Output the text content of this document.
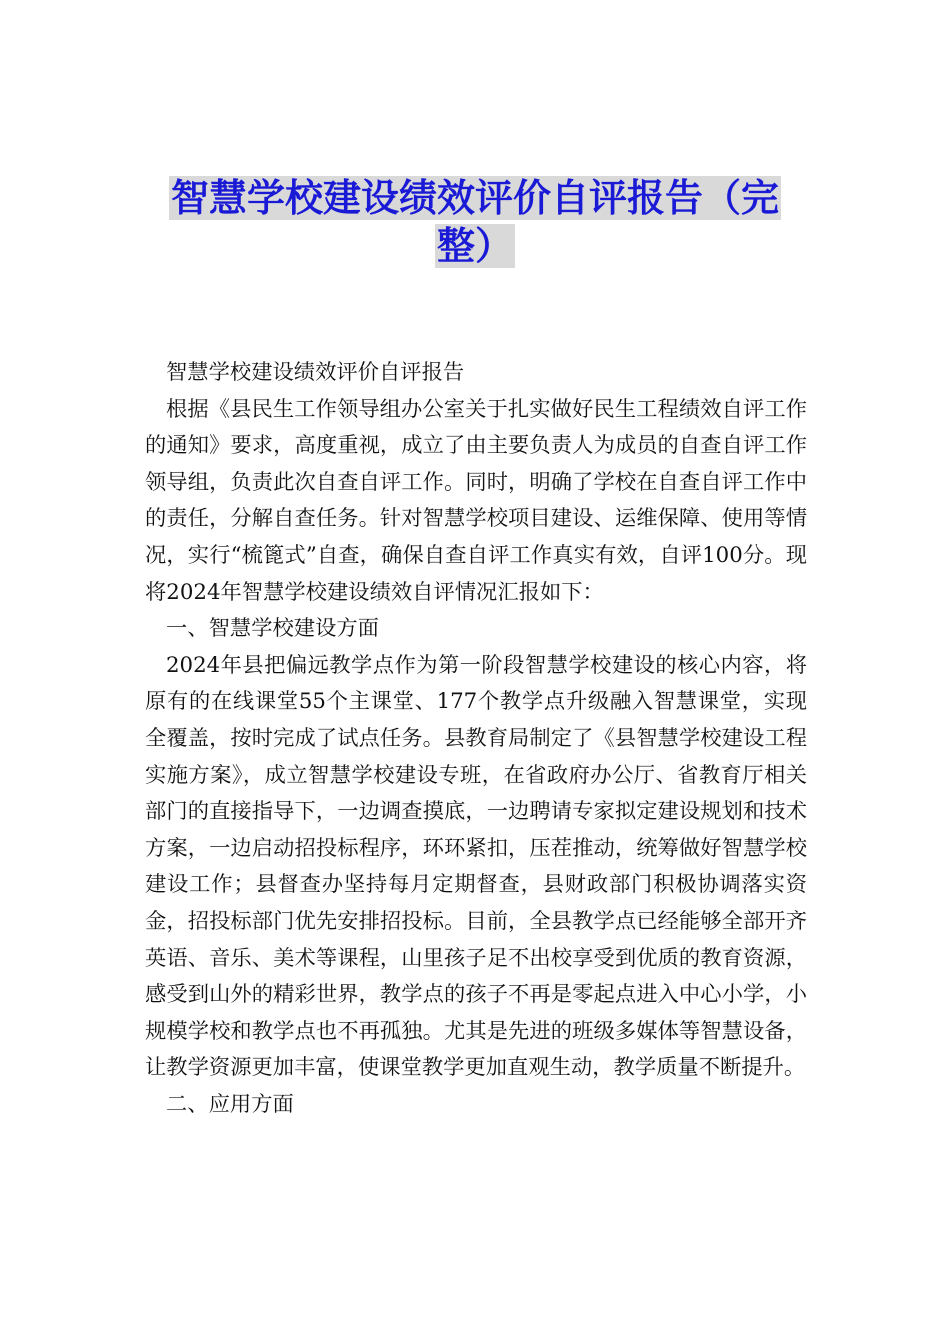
智慧学校建设绩效评价自评报告（完
整）

智慧学校建设绩效评价自评报告

根据《县民生工作领导组办公室关于扎实做好民生工程绩效自评工作的通知》要求，高度重视，成立了由主要负责人为成员的自查自评工作领导组，负责此次自查自评工作。同时，明确了学校在自查自评工作中的责任，分解自查任务。针对智慧学校项目建设、运维保障、使用等情况，实行“梳篦式”自查，确保自查自评工作真实有效，自评100分。现将2024年智慧学校建设绩效自评情况汇报如下：

一、智慧学校建设方面

2024年县把偏远教学点作为第一阶段智慧学校建设的核心内容，将原有的在线课堂55个主课堂、177个教学点升级融入智慧课堂，实现全覆盖，按时完成了试点任务。县教育局制定了《县智慧学校建设工程实施方案》，成立智慧学校建设专班，在省政府办公厅、省教育厅相关部门的直接指导下，一边调查摸底，一边聘请专家拟定建设规划和技术方案，一边启动招投标程序，环环紧扣，压茬推动，统筹做好智慧学校建设工作；县督查办坚持每月定期督查，县财政部门积极协调落实资金，招投标部门优先安排招投标。目前，全县教学点已经能够全部开齐英语、音乐、美术等课程，山里孩子足不出校享受到优质的教育资源，感受到山外的精彩世界，教学点的孩子不再是零起点进入中心小学，小规模学校和教学点也不再孤独。尤其是先进的班级多媒体等智慧设备，让教学资源更加丰富，使课堂教学更加直观生动，教学质量不断提升。

二、应用方面
